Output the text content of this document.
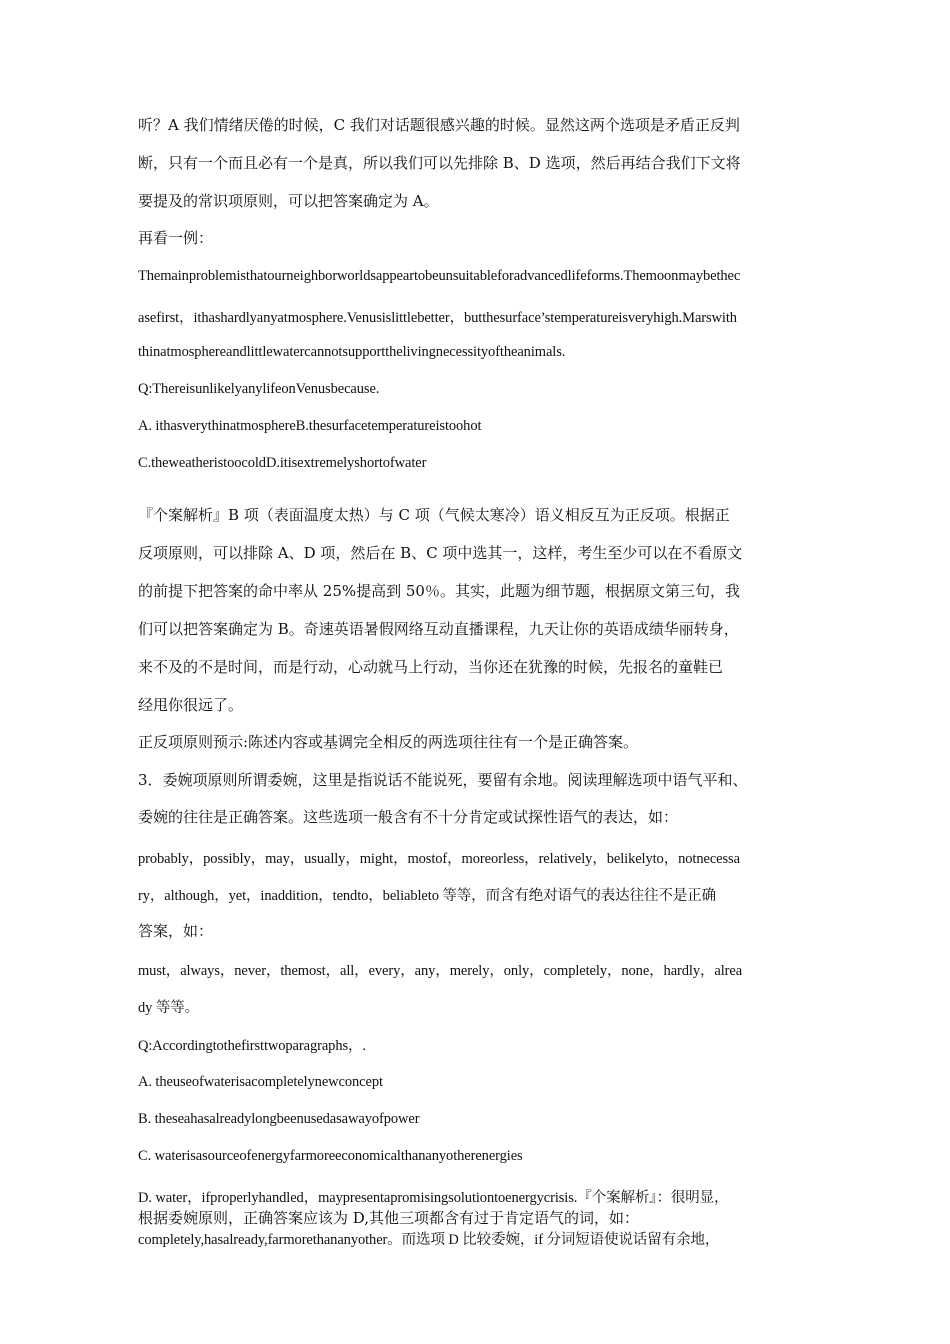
听？A 我们情绪厌倦的时候，C 我们对话题很感兴趣的时候。显然这两个选项是矛盾正反判
断，只有一个而且必有一个是真，所以我们可以先排除 B、D 选项，然后再结合我们下文将
要提及的常识项原则，可以把答案确定为 A。
再看一例：
Themainproblemisthatourneighborworldsappeartobeunsuitableforadvancedlifeforms.Themoonmaybethec
asefirst，ithashardlyanyatmosphere.Venusislittlebetter，butthesurface’stemperatureisveryhigh.Marswith
thinatmosphereandlittlewatercannotsupportthelivingnecessityoftheanimals.
Q:ThereisunlikelyanylifeonVenusbecause.
A. ithasverythinatmosphereB.thesurfacetemperatureistoohot
C.theweatheristoocoldD.itisextremelyshortofwater
『个案解析』B 项（表面温度太热）与 C 项（气候太寒冷）语义相反互为正反项。根据正
反项原则，可以排除 A、D 项，然后在 B、C 项中选其一，这样，考生至少可以在不看原文
的前提下把答案的命中率从 25%提高到 50％。其实，此题为细节题，根据原文第三句，我
们可以把答案确定为 B。奇速英语暑假网络互动直播课程，九天让你的英语成绩华丽转身，
来不及的不是时间，而是行动，心动就马上行动，当你还在犹豫的时候，先报名的童鞋已
经甩你很远了。
正反项原则预示:陈述内容或基调完全相反的两选项往往有一个是正确答案。
3．委婉项原则所谓委婉，这里是指说话不能说死，要留有余地。阅读理解选项中语气平和、
委婉的往往是正确答案。这些选项一般含有不十分肯定或试探性语气的表达，如：
probably，possibly，may，usually，might，mostof，moreorless，relatively，belikelyto，notnecessa
ry，although，yet，inaddition，tendto，beliableto 等等，而含有绝对语气的表达往往不是正确
答案，如：
must，always，never，themost，all，every，any，merely，only，completely，none，hardly，alrea
dy 等等。
Q:Accordingtothefirsttwoparagraphs，.
A. theuseofwaterisacompletelynewconcept
B. theseahasalreadylongbeenusedasawayofpower
C. waterisasourceofenergyfarmoreeconomicalthananyotherenergies
D. water，ifproperlyhandled，maypresentapromisingsolutiontoenergycrisis.『个案解析』：很明显，
根据委婉原则，正确答案应该为 D,其他三项都含有过于肯定语气的词，如：
completely,hasalready,farmorethananyother。而选项 D 比较委婉，if 分词短语使说话留有余地，
